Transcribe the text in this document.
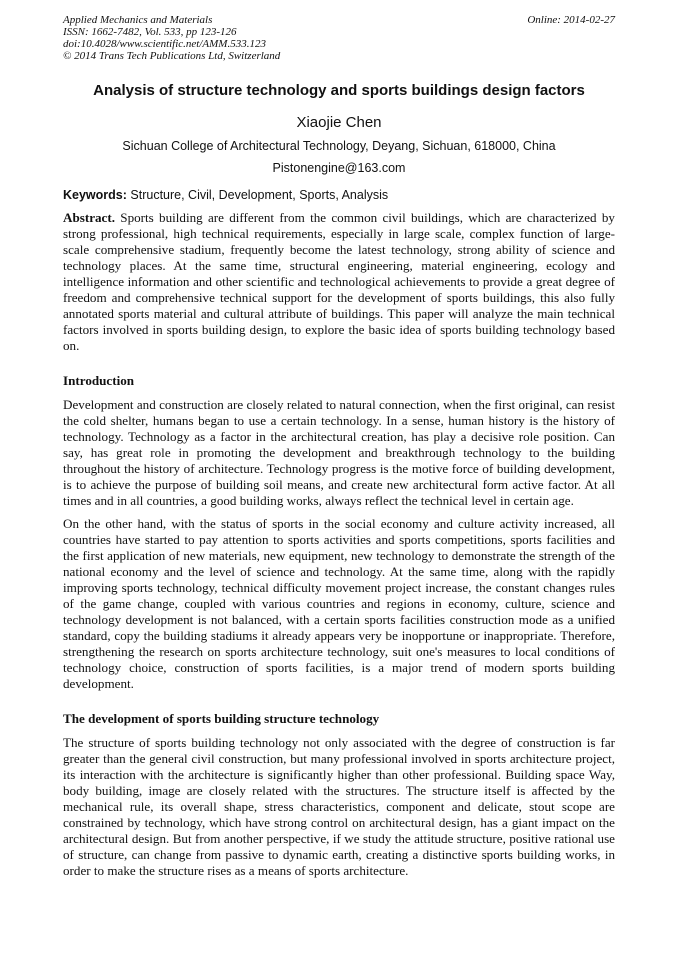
Applied Mechanics and Materials
ISSN: 1662-7482, Vol. 533, pp 123-126
doi:10.4028/www.scientific.net/AMM.533.123
© 2014 Trans Tech Publications Ltd, Switzerland
Online: 2014-02-27
Analysis of structure technology and sports buildings design factors
Xiaojie Chen
Sichuan College of Architectural Technology, Deyang, Sichuan, 618000, China
Pistonengine@163.com
Keywords: Structure, Civil, Development, Sports, Analysis

Abstract. Sports building are different from the common civil buildings, which are characterized by strong professional, high technical requirements, especially in large scale, complex function of large-scale comprehensive stadium, frequently become the latest technology, strong ability of science and technology places. At the same time, structural engineering, material engineering, ecology and intelligence information and other scientific and technological achievements to provide a great degree of freedom and comprehensive technical support for the development of sports buildings, this also fully annotated sports material and cultural attribute of buildings. This paper will analyze the main technical factors involved in sports building design, to explore the basic idea of sports building technology based on.

Introduction

Development and construction are closely related to natural connection, when the first original, can resist the cold shelter, humans began to use a certain technology. In a sense, human history is the history of technology. Technology as a factor in the architectural creation, has play a decisive role position. Can say, has great role in promoting the development and breakthrough technology to the building throughout the history of architecture. Technology progress is the motive force of building development, is to achieve the purpose of building soil means, and create new architectural form active factor. At all times and in all countries, a good building works, always reflect the technical level in certain age.

On the other hand, with the status of sports in the social economy and culture activity increased, all countries have started to pay attention to sports activities and sports competitions, sports facilities and the first application of new materials, new equipment, new technology to demonstrate the strength of the national economy and the level of science and technology. At the same time, along with the rapidly improving sports technology, technical difficulty movement project increase, the constant changes rules of the game change, coupled with various countries and regions in economy, culture, science and technology development is not balanced, with a certain sports facilities construction mode as a unified standard, copy the building stadiums it already appears very be inopportune or inappropriate. Therefore, strengthening the research on sports architecture technology, suit one's measures to local conditions of technology choice, construction of sports facilities, is a major trend of modern sports building development.

The development of sports building structure technology

The structure of sports building technology not only associated with the degree of construction is far greater than the general civil construction, but many professional involved in sports architecture project, its interaction with the architecture is significantly higher than other professional. Building space Way, body building, image are closely related with the structures. The structure itself is affected by the mechanical rule, its overall shape, stress characteristics, component and delicate, stout scope are constrained by technology, which have strong control on architectural design, has a giant impact on the architectural design. But from another perspective, if we study the attitude structure, positive rational use of structure, can change from passive to dynamic earth, creating a distinctive sports building works, in order to make the structure rises as a means of sports architecture.
